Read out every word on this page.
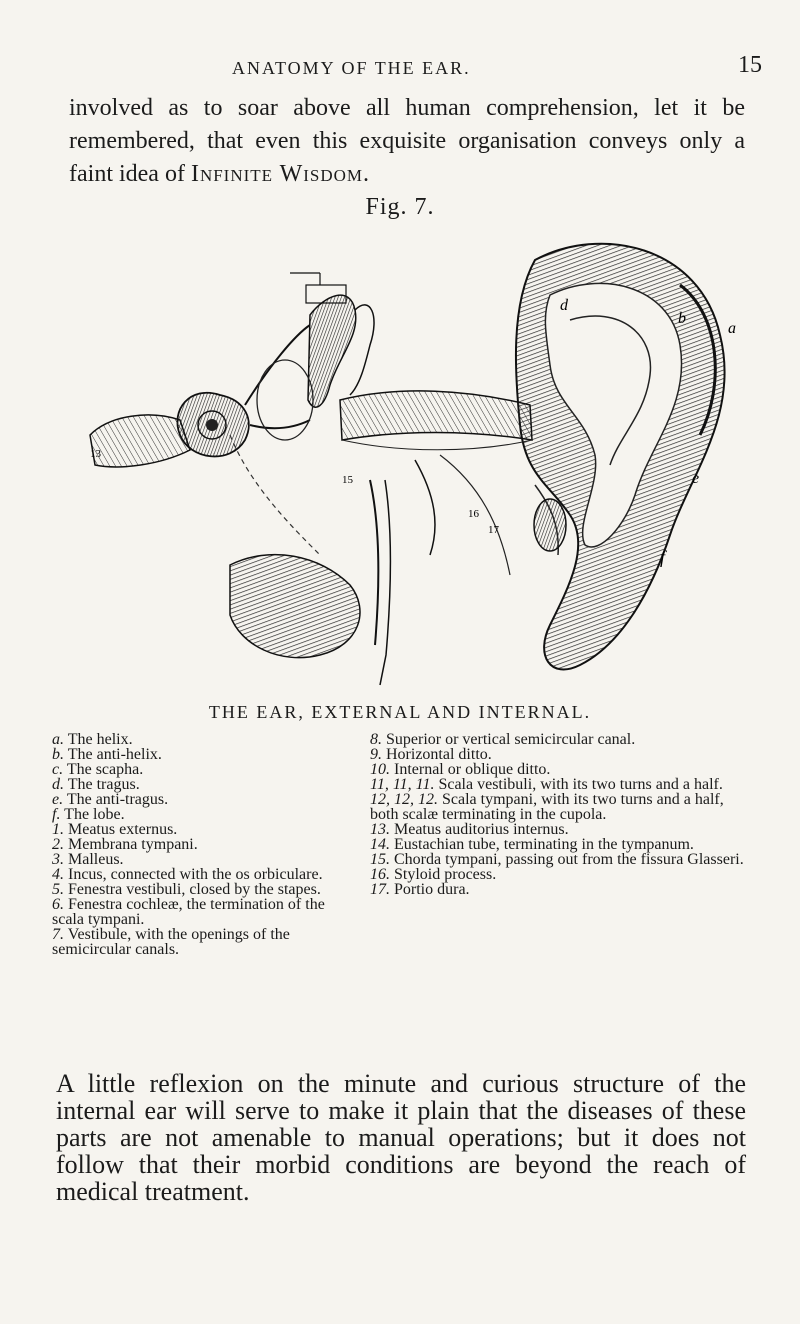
ANATOMY OF THE EAR.	15

involved as to soar above all human comprehension, let it be remembered, that even this exquisite organisation conveys only a faint idea of Infinite Wisdom.

Fig. 7.
a
b
d
e
f
13
15
16
17
THE EAR, EXTERNAL AND INTERNAL.

a. The helix.

b. The anti-helix.

c. The scapha.

d. The tragus.

e. The anti-tragus.

f. The lobe.

1. Meatus externus.

2. Membrana tympani.

3. Malleus.

4. Incus, connected with the os orbiculare.

5. Fenestra vestibuli, closed by the stapes.

6. Fenestra cochleæ, the termination of the scala tympani.

7. Vestibule, with the openings of the semicircular canals.

8. Superior or vertical semicircular canal.

9. Horizontal ditto.

10. Internal or oblique ditto.

11, 11, 11. Scala vestibuli, with its two turns and a half.

12, 12, 12. Scala tympani, with its two turns and a half, both scalæ terminating in the cupola.

13. Meatus auditorius internus.

14. Eustachian tube, terminating in the tympanum.

15. Chorda tympani, passing out from the fissura Glasseri.

16. Styloid process.

17. Portio dura.

A little reflexion on the minute and curious structure of the internal ear will serve to make it plain that the diseases of these parts are not amenable to manual operations; but it does not follow that their morbid conditions are beyond the reach of medical treatment.
